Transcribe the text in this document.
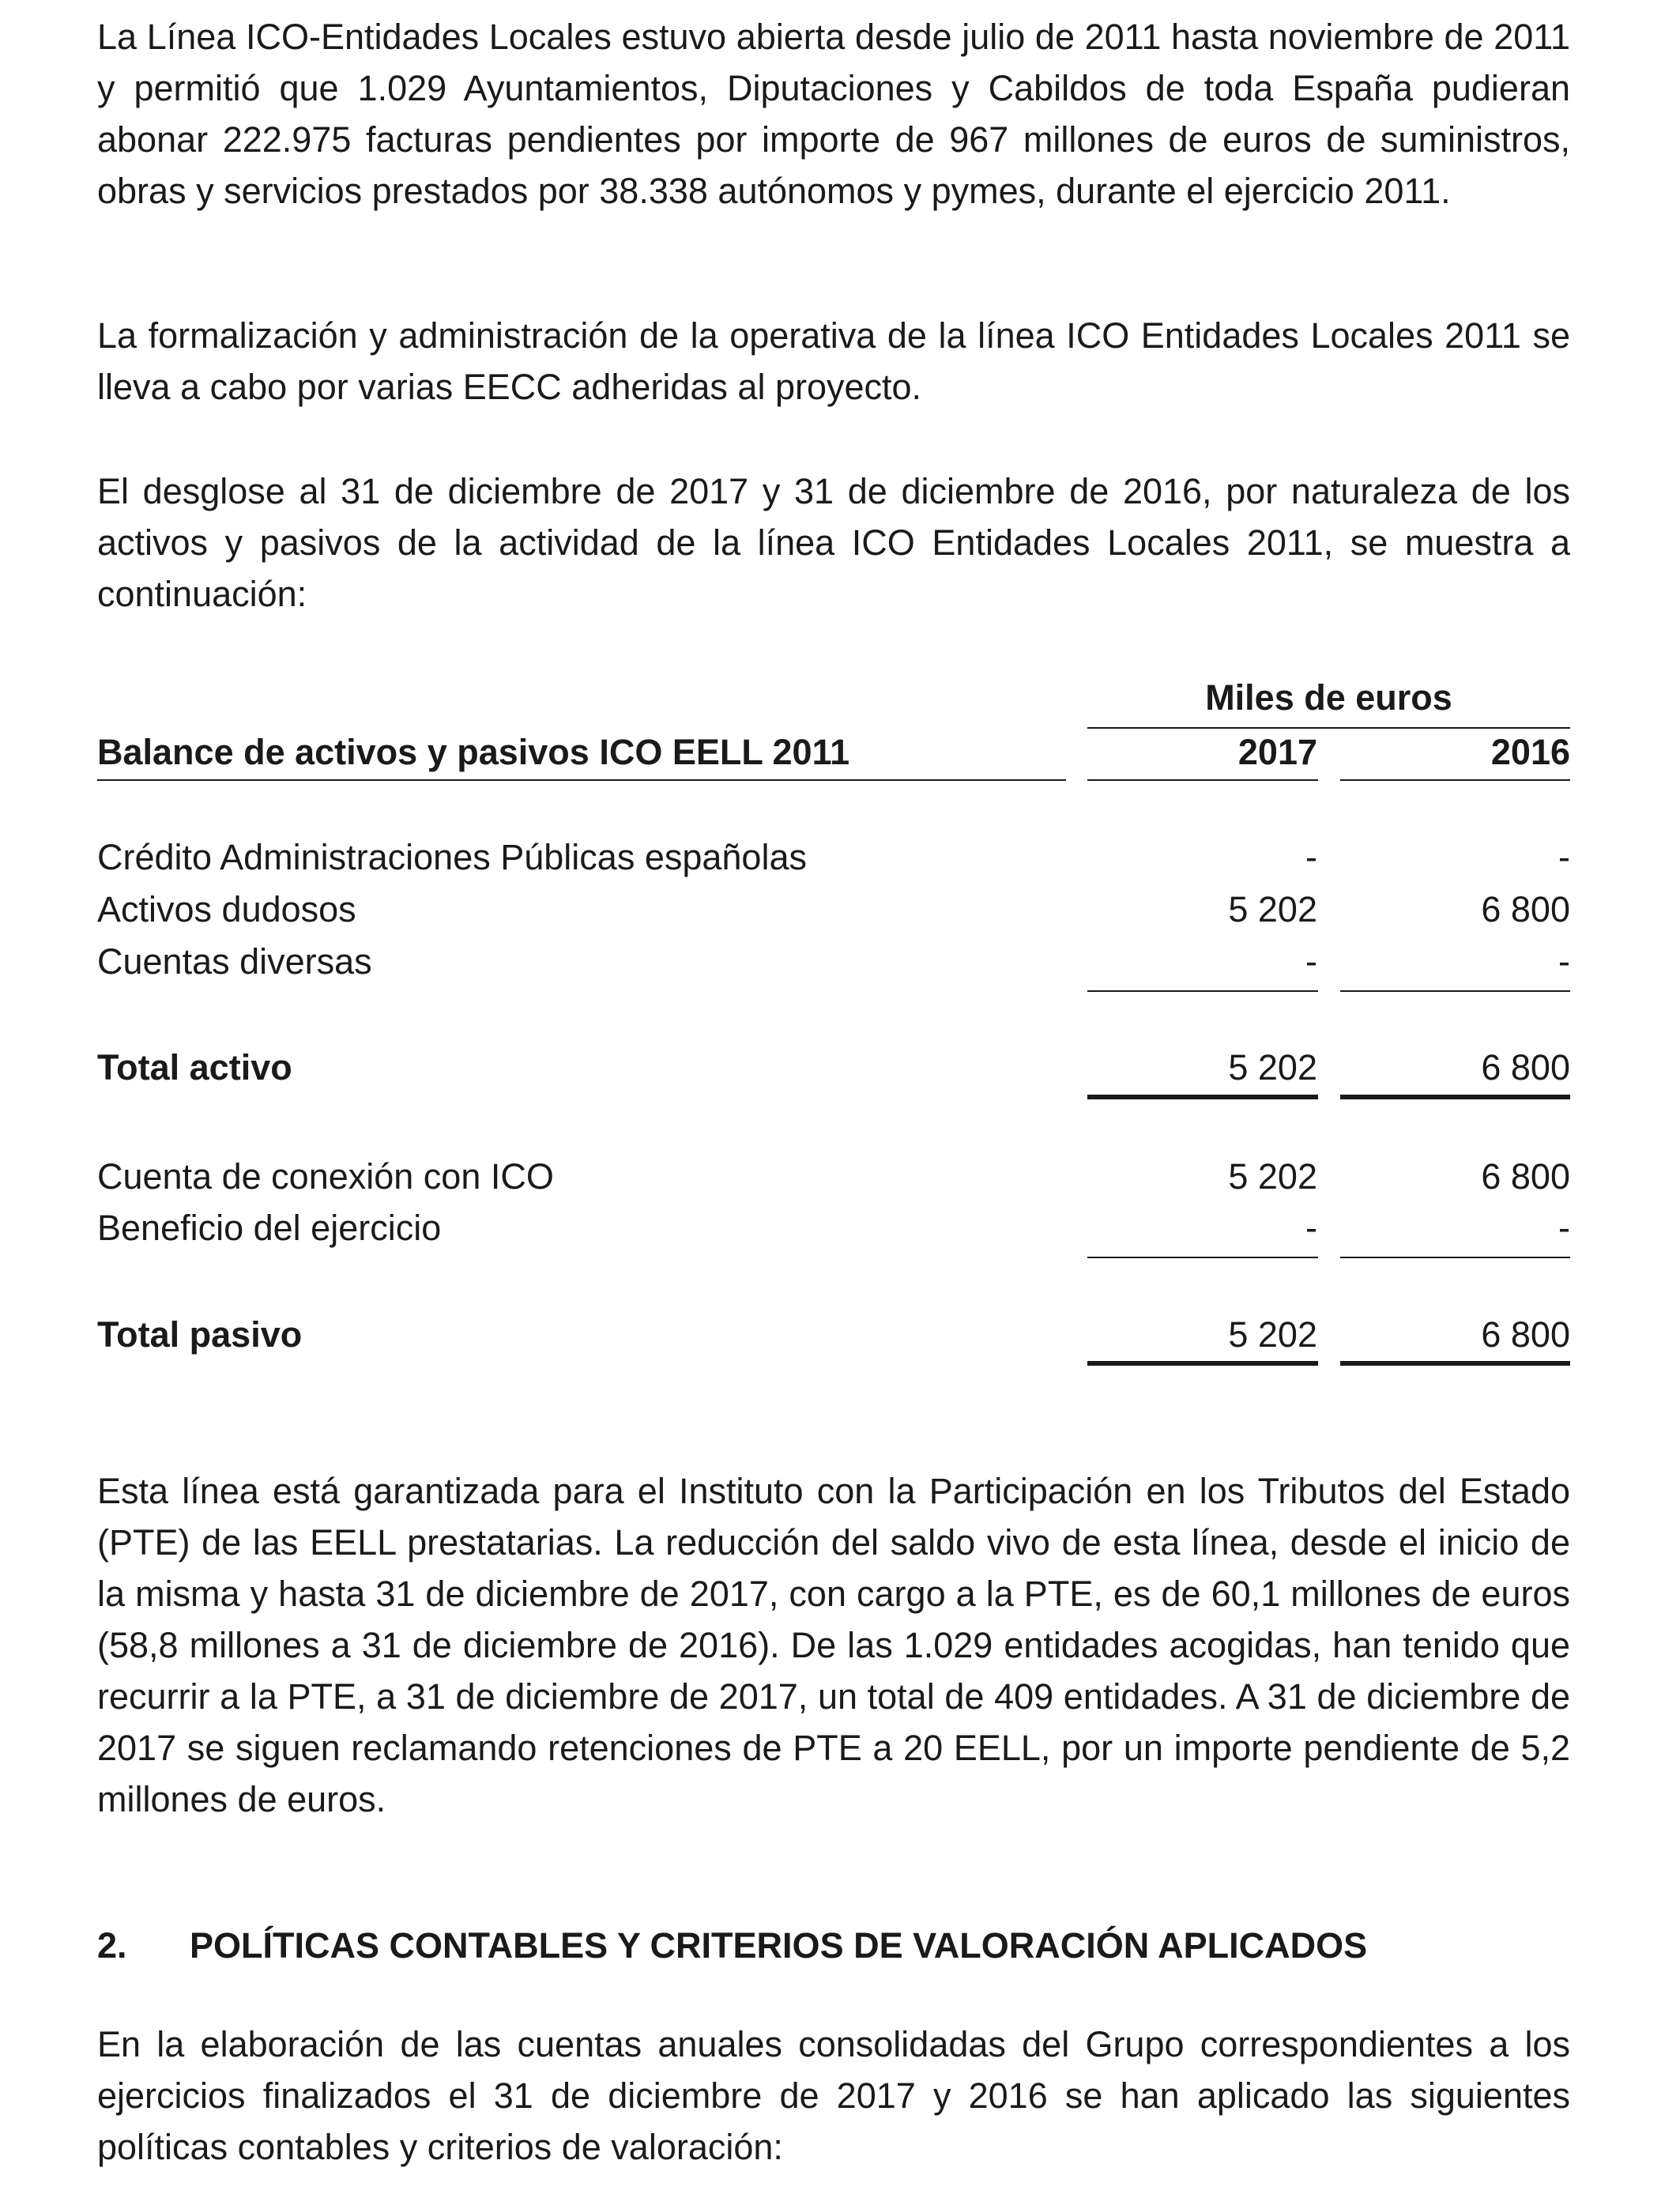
La Línea ICO-Entidades Locales estuvo abierta desde julio de 2011 hasta noviembre de 2011 y permitió que 1.029 Ayuntamientos, Diputaciones y Cabildos de toda España pudieran abonar 222.975 facturas pendientes por importe de 967 millones de euros de suministros, obras y servicios prestados por 38.338 autónomos y pymes, durante el ejercicio 2011.

La formalización y administración de la operativa de la línea ICO Entidades Locales 2011 se lleva a cabo por varias EECC adheridas al proyecto.

El desglose al 31 de diciembre de 2017 y 31 de diciembre de 2016, por naturaleza de los activos y pasivos de la actividad de la línea ICO Entidades Locales 2011, se muestra a continuación:

Miles de euros
Balance de activos y pasivos ICO EELL 2011	2017	2016
Crédito Administraciones Públicas españolas	-	-
Activos dudosos	5 202	6 800
Cuentas diversas	-	-
Total activo	5 202	6 800
Cuenta de conexión con ICO	5 202	6 800
Beneficio del ejercicio	-	-
Total pasivo	5 202	6 800

Esta línea está garantizada para el Instituto con la Participación en los Tributos del Estado (PTE) de las EELL prestatarias. La reducción del saldo vivo de esta línea, desde el inicio de la misma y hasta 31 de diciembre de 2017, con cargo a la PTE, es de 60,1 millones de euros (58,8 millones a 31 de diciembre de 2016). De las 1.029 entidades acogidas, han tenido que recurrir a la PTE, a 31 de diciembre de 2017, un total de 409 entidades. A 31 de diciembre de 2017 se siguen reclamando retenciones de PTE a 20 EELL, por un importe pendiente de 5,2 millones de euros.

2. POLÍTICAS CONTABLES Y CRITERIOS DE VALORACIÓN APLICADOS

En la elaboración de las cuentas anuales consolidadas del Grupo correspondientes a los ejercicios finalizados el 31 de diciembre de 2017 y 2016 se han aplicado las siguientes políticas contables y criterios de valoración:
